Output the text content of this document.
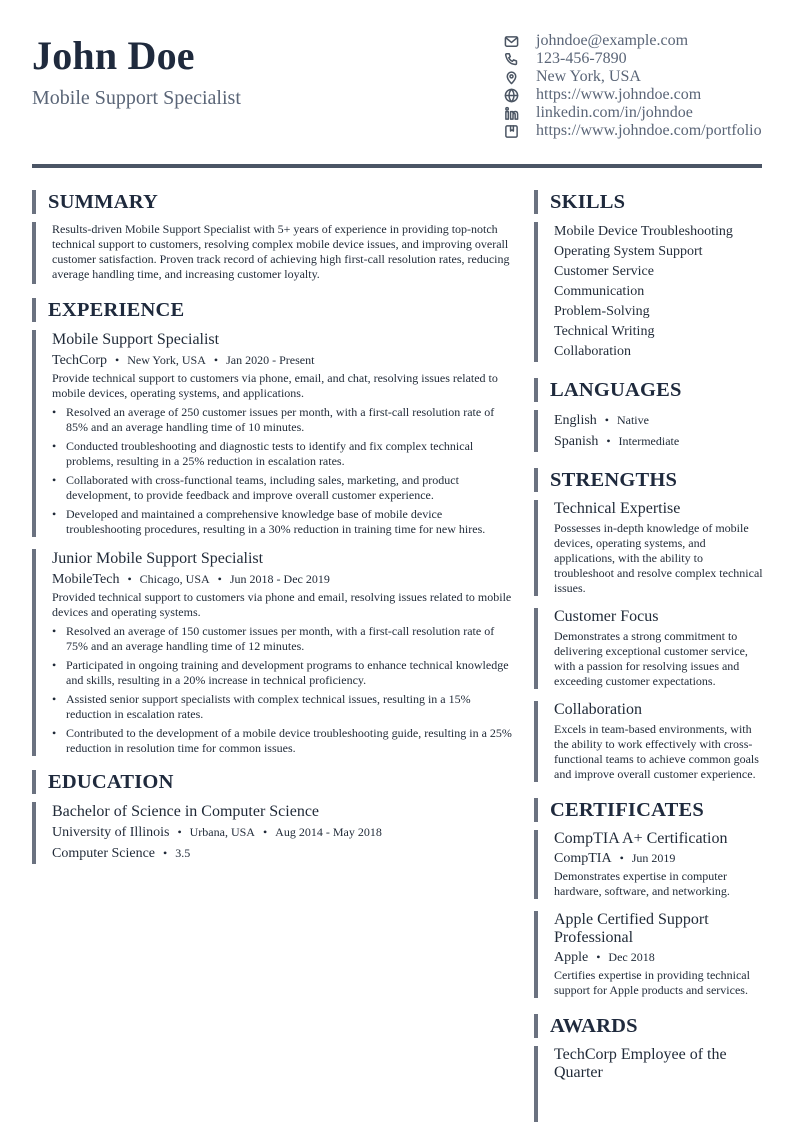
John Doe
Mobile Support Specialist
johndoe@example.com
123-456-7890
New York, USA
https://www.johndoe.com
linkedin.com/in/johndoe
https://www.johndoe.com/portfolio
SUMMARY
Results-driven Mobile Support Specialist with 5+ years of experience in providing top-notch technical support to customers, resolving complex mobile device issues, and improving overall customer satisfaction. Proven track record of achieving high first-call resolution rates, reducing average handling time, and increasing customer loyalty.
EXPERIENCE
Mobile Support Specialist
TechCorp • New York, USA • Jan 2020 - Present
Provide technical support to customers via phone, email, and chat, resolving issues related to mobile devices, operating systems, and applications.
• Resolved an average of 250 customer issues per month, with a first-call resolution rate of 85% and an average handling time of 10 minutes.
• Conducted troubleshooting and diagnostic tests to identify and fix complex technical problems, resulting in a 25% reduction in escalation rates.
• Collaborated with cross-functional teams, including sales, marketing, and product development, to provide feedback and improve overall customer experience.
• Developed and maintained a comprehensive knowledge base of mobile device troubleshooting procedures, resulting in a 30% reduction in training time for new hires.
Junior Mobile Support Specialist
MobileTech • Chicago, USA • Jun 2018 - Dec 2019
Provided technical support to customers via phone and email, resolving issues related to mobile devices and operating systems.
• Resolved an average of 150 customer issues per month, with a first-call resolution rate of 75% and an average handling time of 12 minutes.
• Participated in ongoing training and development programs to enhance technical knowledge and skills, resulting in a 20% increase in technical proficiency.
• Assisted senior support specialists with complex technical issues, resulting in a 15% reduction in escalation rates.
• Contributed to the development of a mobile device troubleshooting guide, resulting in a 25% reduction in resolution time for common issues.
EDUCATION
Bachelor of Science in Computer Science
University of Illinois • Urbana, USA • Aug 2014 - May 2018
Computer Science • 3.5
SKILLS
Mobile Device Troubleshooting
Operating System Support
Customer Service
Communication
Problem-Solving
Technical Writing
Collaboration
LANGUAGES
English • Native
Spanish • Intermediate
STRENGTHS
Technical Expertise
Possesses in-depth knowledge of mobile devices, operating systems, and applications, with the ability to troubleshoot and resolve complex technical issues.
Customer Focus
Demonstrates a strong commitment to delivering exceptional customer service, with a passion for resolving issues and exceeding customer expectations.
Collaboration
Excels in team-based environments, with the ability to work effectively with cross-functional teams to achieve common goals and improve overall customer experience.
CERTIFICATES
CompTIA A+ Certification
CompTIA • Jun 2019
Demonstrates expertise in computer hardware, software, and networking.
Apple Certified Support Professional
Apple • Dec 2018
Certifies expertise in providing technical support for Apple products and services.
AWARDS
TechCorp Employee of the Quarter
